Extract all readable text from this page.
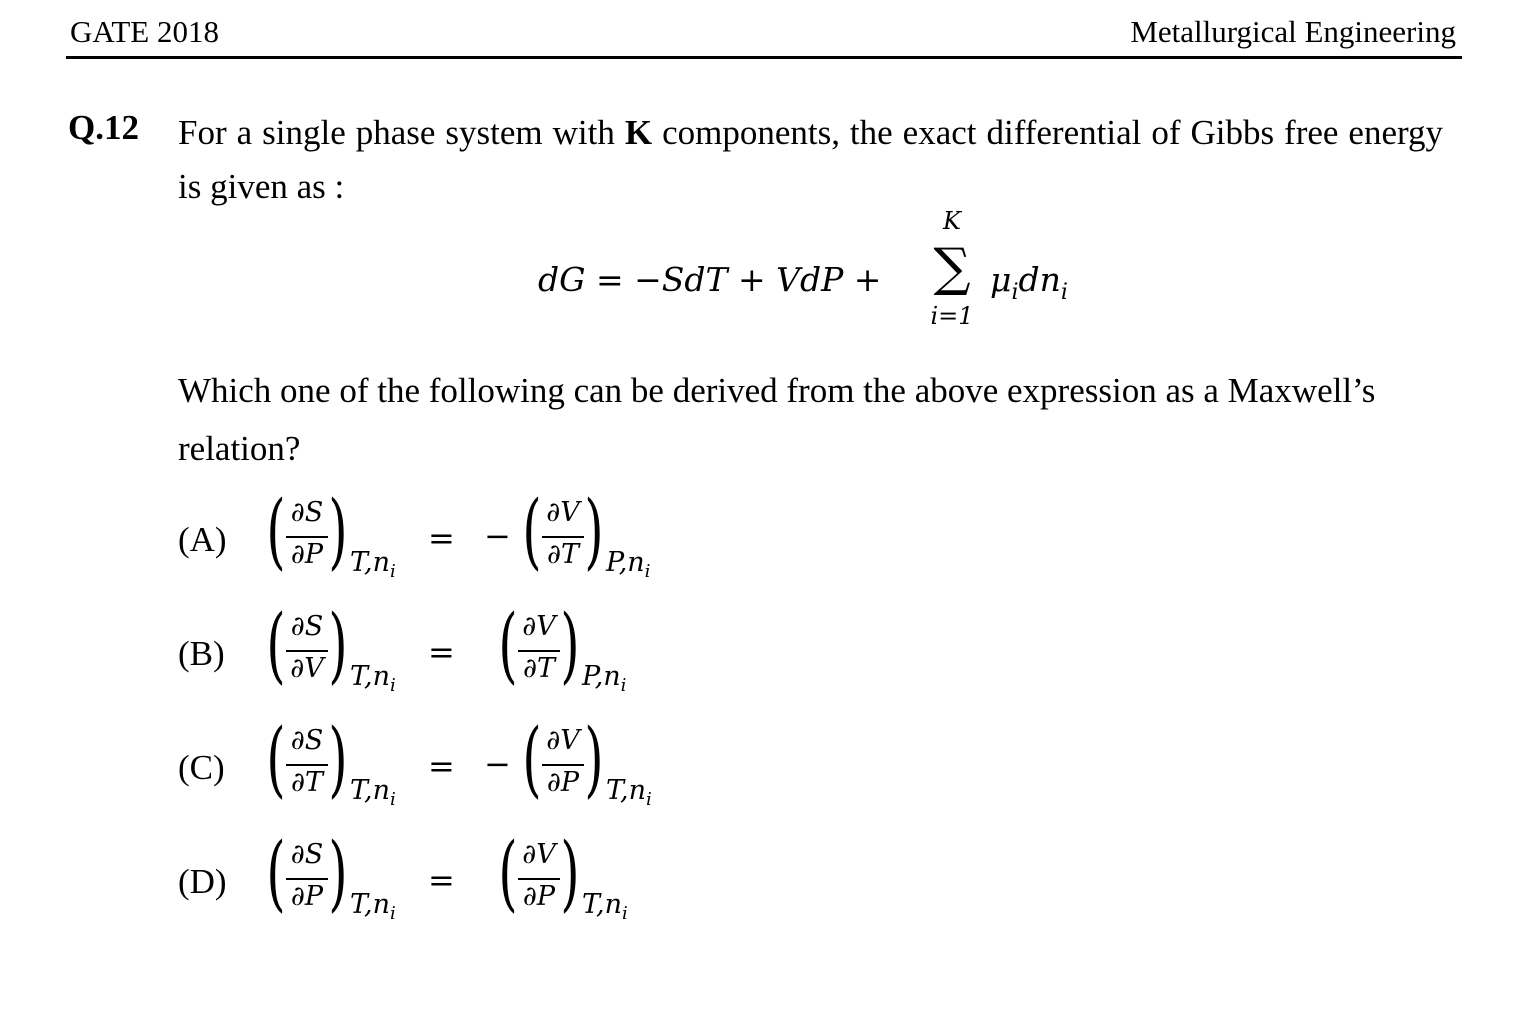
GATE 2018	Metallurgical Engineering
Q.12 For a single phase system with K components, the exact differential of Gibbs free energy is given as :
dG = −SdT + VdP +
K
∑
i=1
$\mu_idn_i$
Which one of the following can be derived from the above expression as a Maxwell’s relation?
(A) ( ∂S
∂P ) $T,n_i$
= − ( ∂V
∂T ) $P,n_i$
(B) ( ∂S
∂V ) $T,n_i$
= ( ∂V
∂T ) $P,n_i$
(C) ( ∂S
∂T ) $T,n_i$
= − ( ∂V
∂P ) $T,n_i$
(D) ( ∂S
∂P ) $T,n_i$
= ( ∂V
∂P ) $T,n_i$
